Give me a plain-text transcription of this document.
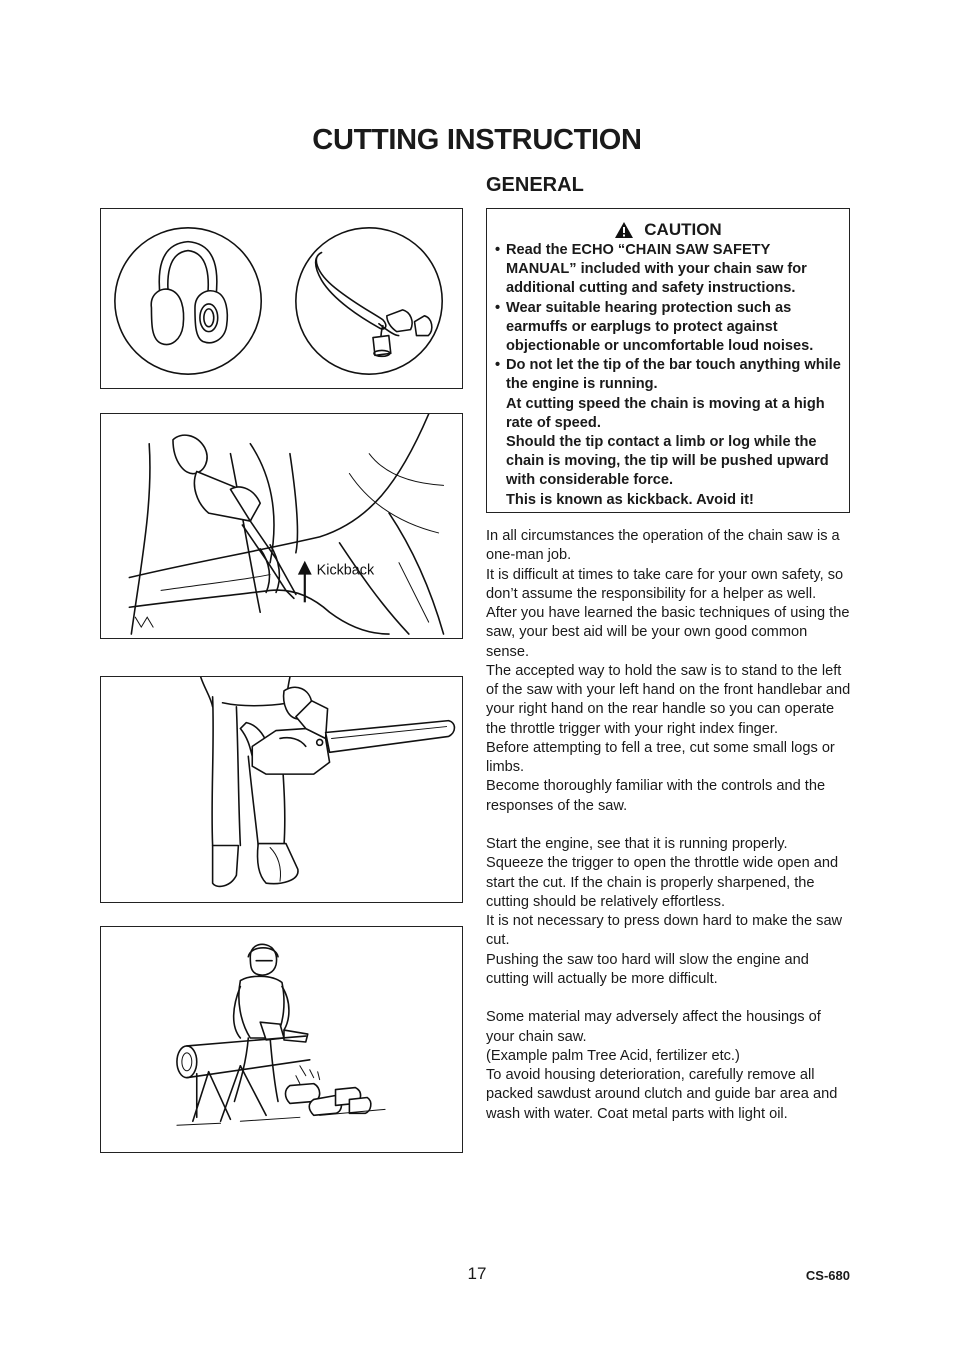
CUTTING INSTRUCTION
GENERAL
Kickback
CAUTION
• Read the ECHO “CHAIN SAW SAFETY MANUAL” included with your chain saw for additional cutting and safety instructions.

• Wear suitable hearing protection such as earmuffs or earplugs to protect against objectionable or uncomfortable loud noises.

• Do not let the tip of the bar touch anything while the engine is running.

At cutting speed the chain is moving at a high rate of speed.

Should the tip contact a limb or log while the chain is moving, the tip will be pushed upward with considerable force.

This is known as kickback. Avoid it!

In all circumstances the operation of the chain saw is a one-man job.

It is difficult at times to take care for your own safety, so don’t assume the responsibility for a helper as well.

After you have learned the basic techniques of using the saw, your best aid will be your own good common sense.

The accepted way to hold the saw is to stand to the left of the saw with your left hand on the front handlebar and your right hand on the rear handle so you can operate the throttle trigger with your right index finger.

Before attempting to fell a tree, cut some small logs or limbs.

Become thoroughly familiar with the controls and the responses of the saw.

Start the engine, see that it is running properly.

Squeeze the trigger to open the throttle wide open and start the cut. If the chain is properly sharpened, the cutting should be relatively effortless.

It is not necessary to press down hard to make the saw cut.

Pushing the saw too hard will slow the engine and cutting will actually be more difficult.

Some material may adversely affect the housings of your chain saw.

(Example palm Tree Acid, fertilizer etc.)

To avoid housing deterioration, carefully remove all packed sawdust around clutch and guide bar area and wash with water. Coat metal parts with light oil.

17	CS-680
